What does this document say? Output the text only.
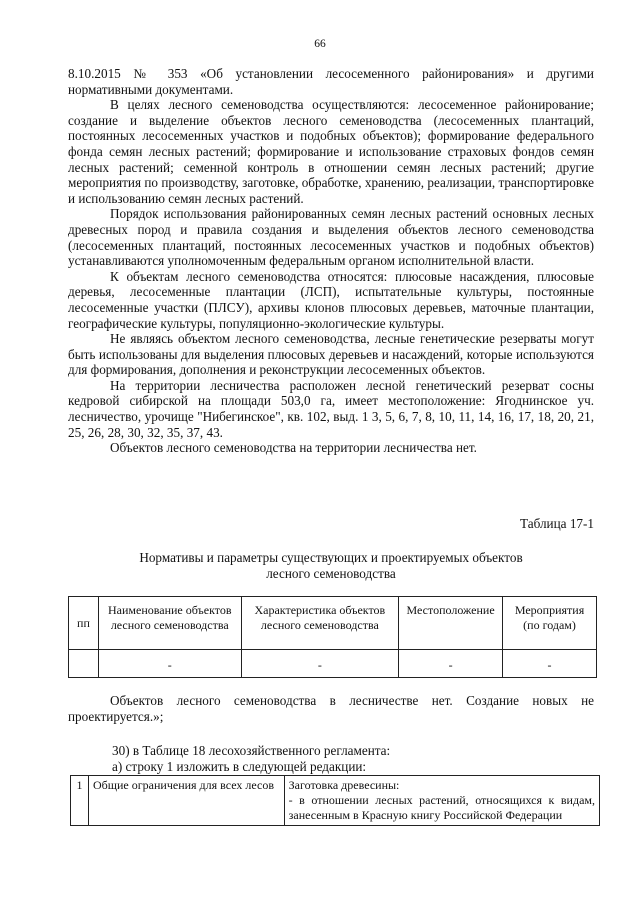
66

8.10.2015 № 353 «Об установлении лесосеменного районирования» и другими нормативными документами.

В целях лесного семеноводства осуществляются: лесосеменное районирование; создание и выделение объектов лесного семеноводства (лесосеменных плантаций, постоянных лесосеменных участков и подобных объектов); формирование федерального фонда семян лесных растений; формирование и использование страховых фондов семян лесных растений; семенной контроль в отношении семян лесных растений; другие мероприятия по производству, заготовке, обработке, хранению, реализации, транспортировке и использованию семян лесных растений.

Порядок использования районированных семян лесных растений основных лесных древесных пород и правила создания и выделения объектов лесного семеноводства (лесосеменных плантаций, постоянных лесосеменных участков и подобных объектов) устанавливаются уполномоченным федеральным органом исполнительной власти.

К объектам лесного семеноводства относятся: плюсовые насаждения, плюсовые деревья, лесосеменные плантации (ЛСП), испытательные культуры, постоянные лесосеменные участки (ПЛСУ), архивы клонов плюсовых деревьев, маточные плантации, географические культуры, популяционно-экологические культуры.

Не являясь объектом лесного семеноводства, лесные генетические резерваты могут быть использованы для выделения плюсовых деревьев и насаждений, которые используются для формирования, дополнения и реконструкции лесосеменных объектов.

На территории лесничества расположен лесной генетический резерват сосны кедровой сибирской на площади 503,0 га, имеет местоположение: Ягоднинское уч. лесничество, урочище "Нибегинское", кв. 102, выд. 1 3, 5, 6, 7, 8, 10, 11, 14, 16, 17, 18, 20, 21, 25, 26, 28, 30, 32, 35, 37, 43.

Объектов лесного семеноводства на территории лесничества нет.

Таблица 17-1
Нормативы и параметры существующих и проектируемых объектов
лесного семеноводства
пп	Наименование объектов лесного семеноводства	Характеристика объектов лесного семеноводства	Местоположение	Мероприятия (по годам)
	-	-	-	-

Объектов лесного семеноводства в лесничестве нет. Создание новых не проектируется.»;

30) в Таблице 18 лесохозяйственного регламента:
а) строку 1 изложить в следующей редакции:
1	Общие ограничения для всех лесов	Заготовка древесины:
- в отношении лесных растений, относящихся к видам, занесенным в Красную книгу Российской Федерации
